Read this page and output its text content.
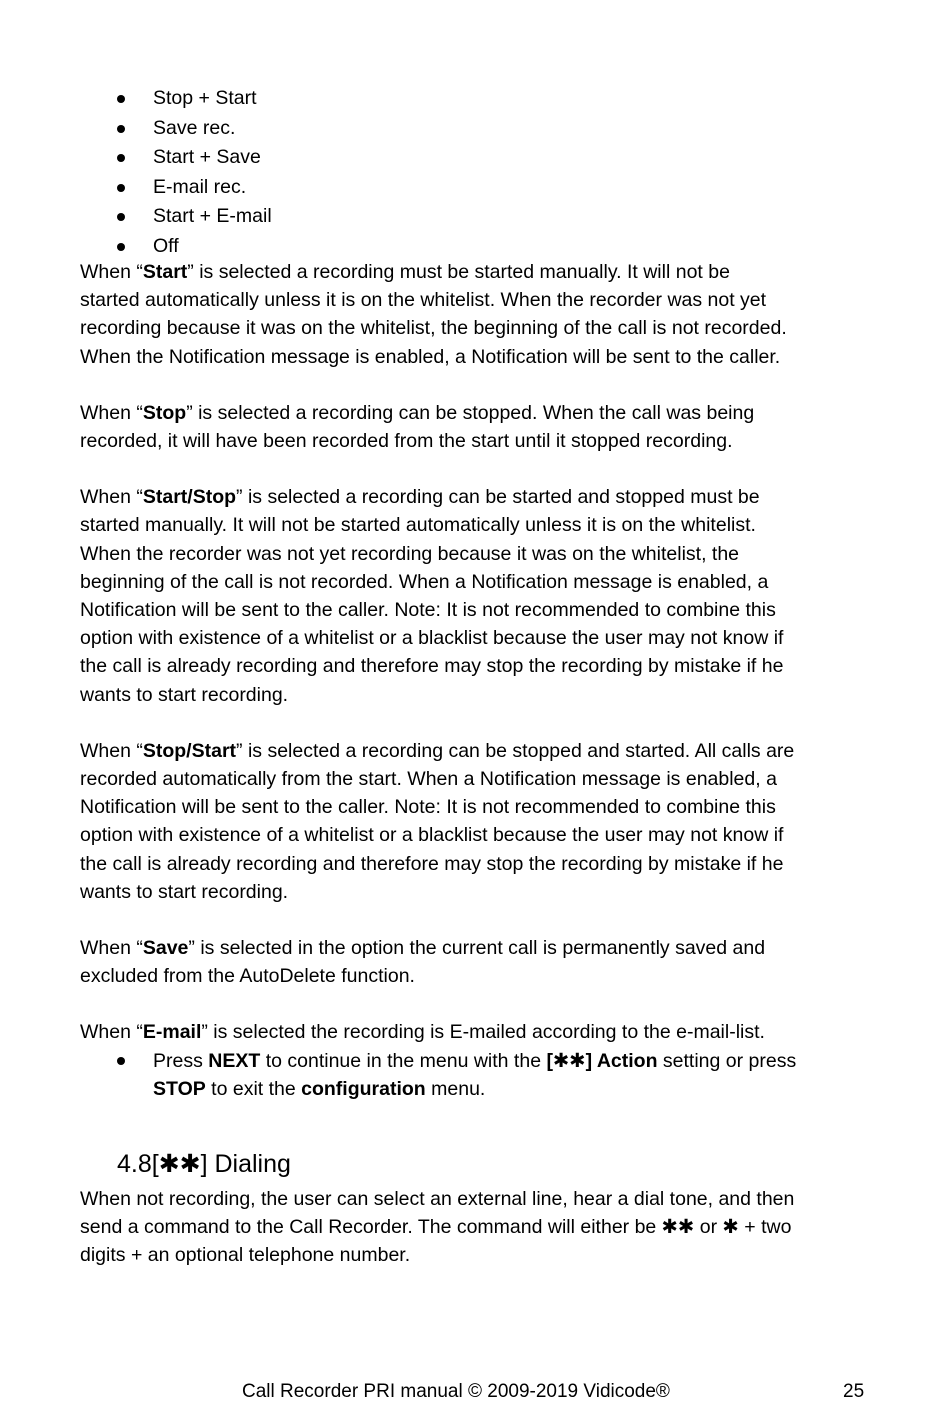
Stop + Start
Save rec.
Start + Save
E-mail rec.
Start + E-mail
Off

When “Start” is selected a recording must be started manually. It will not be
started automatically unless it is on the whitelist. When the recorder was not yet
recording because it was on the whitelist, the beginning of the call is not recorded.
When the Notification message is enabled, a Notification will be sent to the caller.

When “Stop” is selected a recording can be stopped. When the call was being
recorded, it will have been recorded from the start until it stopped recording.

When “Start/Stop” is selected a recording can be started and stopped must be
started manually. It will not be started automatically unless it is on the whitelist.
When the recorder was not yet recording because it was on the whitelist, the
beginning of the call is not recorded. When a Notification message is enabled, a
Notification will be sent to the caller. Note: It is not recommended to combine this
option with existence of a whitelist or a blacklist because the user may not know if
the call is already recording and therefore may stop the recording by mistake if he
wants to start recording.

When “Stop/Start” is selected a recording can be stopped and started. All calls are
recorded automatically from the start. When a Notification message is enabled, a
Notification will be sent to the caller. Note: It is not recommended to combine this
option with existence of a whitelist or a blacklist because the user may not know if
the call is already recording and therefore may stop the recording by mistake if he
wants to start recording.

When “Save” is selected in the option the current call is permanently saved and
excluded from the AutoDelete function.

When “E-mail” is selected the recording is E-mailed according to the e-mail-list.

Press NEXT to continue in the menu with the [✱✱] Action setting or press
STOP to exit the configuration menu.
4.8[✱✱] Dialing

When not recording, the user can select an external line, hear a dial tone, and then
send a command to the Call Recorder. The command will either be ✱✱ or ✱ + two
digits + an optional telephone number.

Call Recorder PRI manual © 2009-2019 Vidicode®	25
